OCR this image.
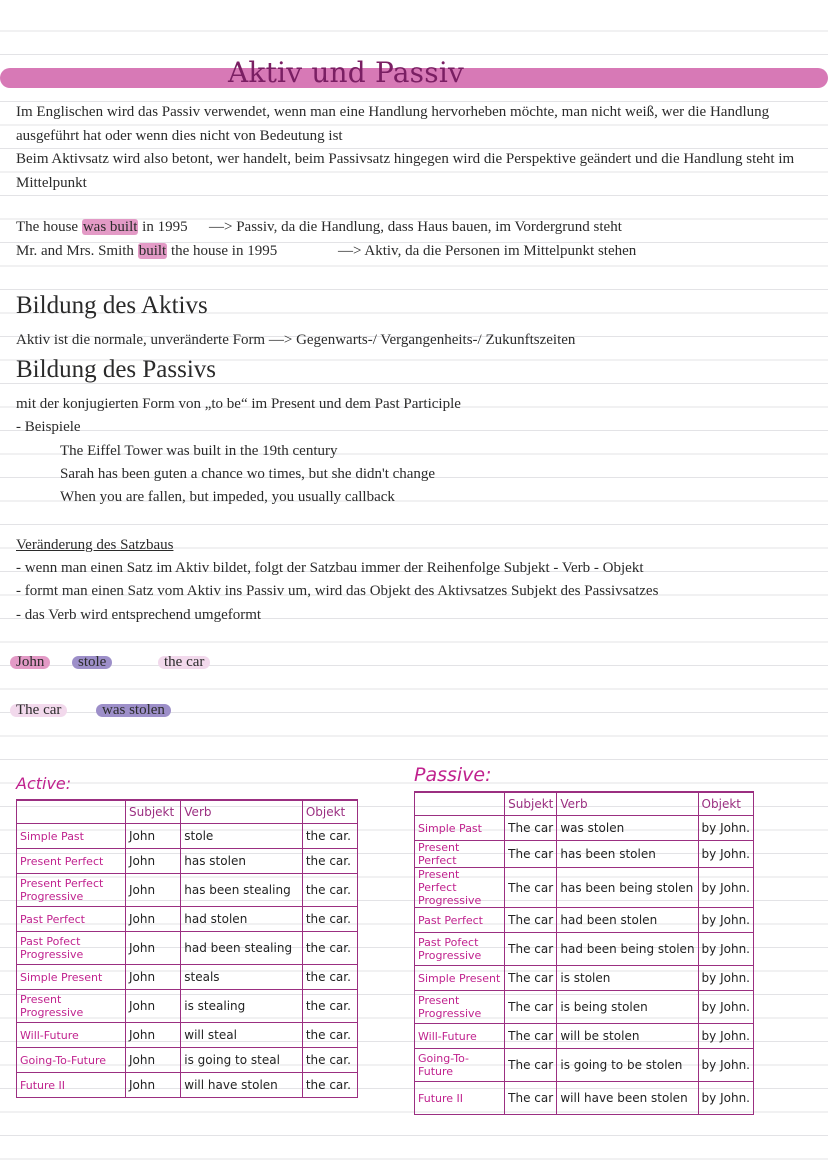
Aktiv und Passiv
Im Englischen wird das Passiv verwendet, wenn man eine Handlung hervorheben möchte, man nicht weiß, wer die Handlung ausgeführt hat oder wenn dies nicht von Bedeutung ist
Beim Aktivsatz wird also betont, wer handelt, beim Passivsatz hingegen wird die Perspektive geändert und die Handlung steht im Mittelpunkt
The house was built in 1995 —> Passiv, da die Handlung, dass Haus bauen, im Vordergrund steht
Mr. and Mrs. Smith built the house in 1995	—> Aktiv, da die Personen im Mittelpunkt stehen
Bildung des Aktivs
Aktiv ist die normale, unveränderte Form —> Gegenwarts-/ Vergangenheits-/ Zukunftszeiten
Bildung des Passivs
mit der konjugierten Form von „to be“ im Present und dem Past Participle
- Beispiele
The Eiffel Tower was built in the 19th century
Sarah has been guten a chance wo times, but she didn't change
When you are fallen, but impeded, you usually callback
Veränderung des Satzbaus
- wenn man einen Satz im Aktiv bildet, folgt der Satzbau immer der Reihenfolge Subjekt - Verb - Objekt
- formt man einen Satz vom Aktiv ins Passiv um, wird das Objekt des Aktivsatzes Subjekt des Passivsatzes
- das Verb wird entsprechend umgeformt
John	stole	the car
The car	was stolen
Active:
	Subjekt	Verb	Objekt
Simple Past	John	stole	the car.
Present Perfect	John	has stolen	the car.
Present Perfect Progressive	John	has been stealing	the car.
Past Perfect	John	had stolen	the car.
Past Pofect Progressive	John	had been stealing	the car.
Simple Present	John	steals	the car.
Present Progressive	John	is stealing	the car.
Will-Future	John	will steal	the car.
Going-To-Future	John	is going to steal	the car.
Future II	John	will have stolen	the car.
Passive:
	Subjekt	Verb	Objekt
Simple Past	The car	was stolen	by John.
Present Perfect	The car	has been stolen	by John.
Present Perfect Progressive	The car	has been being stolen	by John.
Past Perfect	The car	had been stolen	by John.
Past Pofect Progressive	The car	had been being stolen	by John.
Simple Present	The car	is stolen	by John.
Present Progressive	The car	is being stolen	by John.
Will-Future	The car	will be stolen	by John.
Going-To-Future	The car	is going to be stolen	by John.
Future II	The car	will have been stolen	by John.
